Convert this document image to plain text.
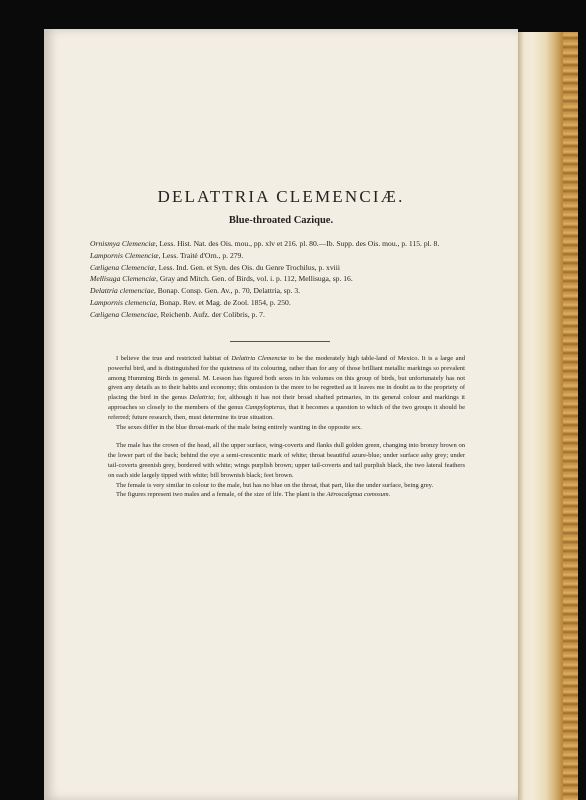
DELATTRIA CLEMENCIÆ.
Blue-throated Cazique.

Ornismya Clemenciæ, Less. Hist. Nat. des Ois. mou., pp. xlv et 216. pl. 80.—Ib. Supp. des Ois. mou., p. 115. pl. 8.

Lampornis Clemenciæ, Less. Traité d'Orn., p. 279.

Cœligena Clemenciæ, Less. Ind. Gen. et Syn. des Ois. du Genre Trochilus, p. xviii

Mellisuga Clemenciæ, Gray and Mitch. Gen. of Birds, vol. i. p. 112, Mellisuga, sp. 16.

Delattria clemenciae, Bonap. Consp. Gen. Av., p. 70, Delattria, sp. 3.

Lampornis clemencia, Bonap. Rev. et Mag. de Zool. 1854, p. 250.

Cœligena Clemenciae, Reichenb. Aufz. der Colibris, p. 7.

I believe the true and restricted habitat of Delattria Clemenciæ to be the moderately high table-land of Mexico. It is a large and powerful bird, and is distinguished for the quietness of its colouring, rather than for any of those brilliant metallic markings so prevalent among Humming Birds in general. M. Lesson has figured both sexes in his volumes on this group of birds, but unfortunately has not given any details as to their habits and economy; this omission is the more to be regretted as it leaves me in doubt as to the propriety of placing the bird in the genus Delattria; for, although it has not their broad shafted primaries, in its general colour and markings it approaches so closely to the members of the genus Campylopterus, that it becomes a question to which of the two groups it should be referred; future research, then, must determine its true situation.

The sexes differ in the blue throat-mark of the male being entirely wanting in the opposite sex.

The male has the crown of the head, all the upper surface, wing-coverts and flanks dull golden green, changing into bronzy brown on the lower part of the back; behind the eye a semi-crescentic mark of white; throat beautiful azure-blue; under surface ashy grey; under tail-coverts greenish grey, bordered with white; wings purplish brown; upper tail-coverts and tail purplish black, the two lateral feathers on each side largely tipped with white; bill brownish black; feet brown.

The female is very similar in colour to the male, but has no blue on the throat, that part, like the under surface, being grey.

The figures represent two males and a female, of the size of life. The plant is the Aëroscalgnua comosum.
